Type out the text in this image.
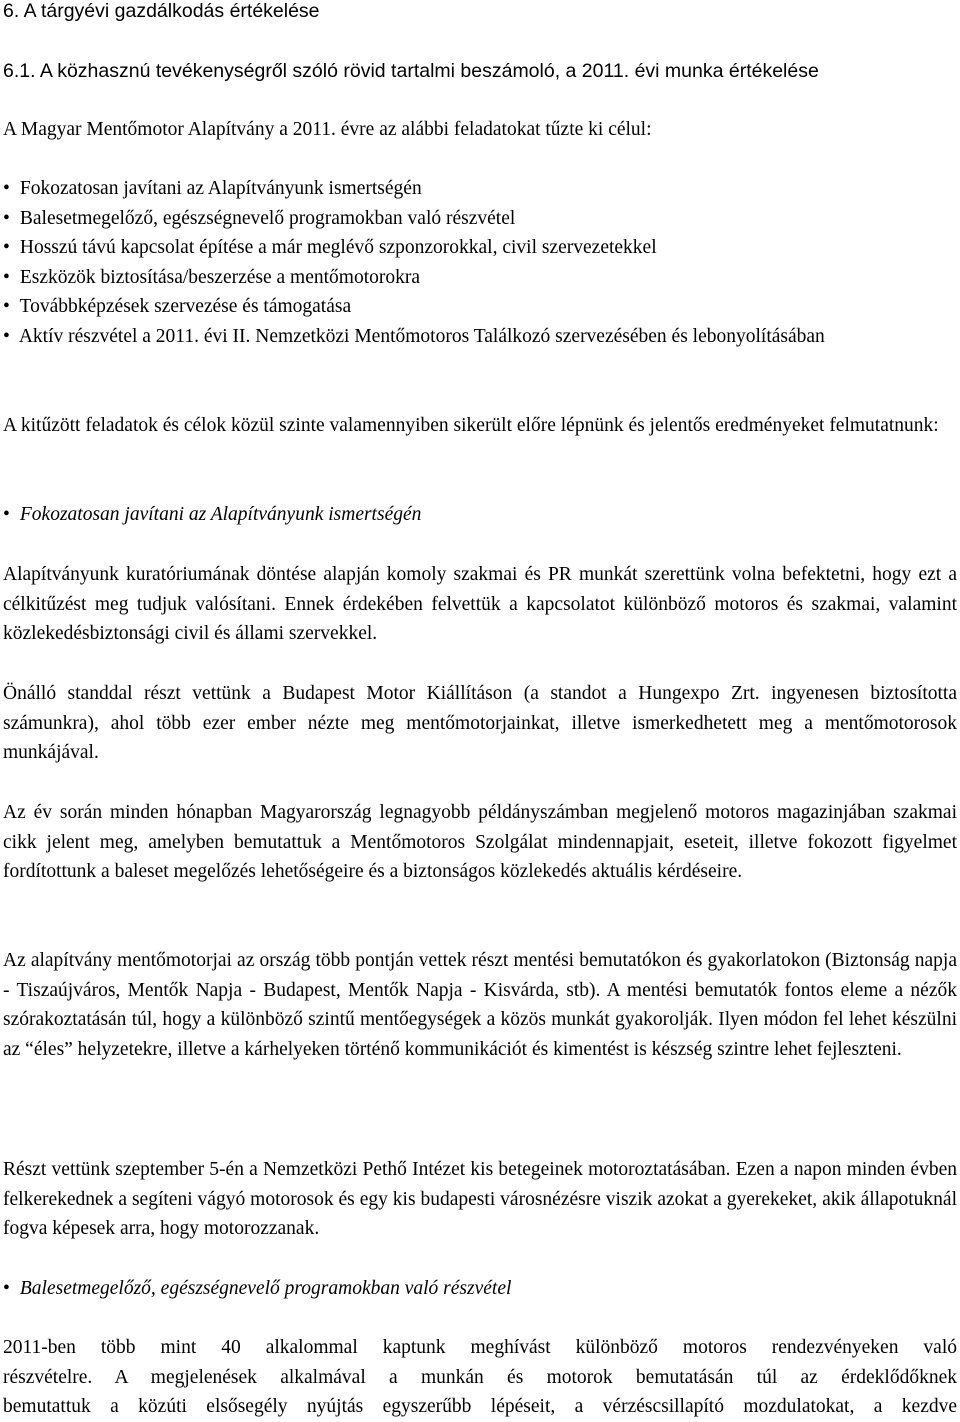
6. A tárgyévi gazdálkodás értékelése
6.1. A közhasznú tevékenységről szóló rövid tartalmi beszámoló, a 2011. évi munka értékelése
A Magyar Mentőmotor Alapítvány a 2011. évre az alábbi feladatokat tűzte ki célul:
• Fokozatosan javítani az Alapítványunk ismertségén
• Balesetmegelőző, egészségnevelő programokban való részvétel
• Hosszú távú kapcsolat építése a már meglévő szponzorokkal, civil szervezetekkel
• Eszközök biztosítása/beszerzése a mentőmotorokra
• Továbbképzések szervezése és támogatása
• Aktív részvétel a 2011. évi II. Nemzetközi Mentőmotoros Találkozó szervezésében és lebonyolításában
A kitűzött feladatok és célok közül szinte valamennyiben sikerült előre lépnünk és jelentős eredményeket felmutatnunk:
• Fokozatosan javítani az Alapítványunk ismertségén
Alapítványunk kuratóriumának döntése alapján komoly szakmai és PR munkát szerettünk volna befektetni, hogy ezt a célkitűzést meg tudjuk valósítani. Ennek érdekében felvettük a kapcsolatot különböző motoros és szakmai, valamint közlekedésbiztonsági civil és állami szervekkel.
Önálló standdal részt vettünk a Budapest Motor Kiállításon (a standot a Hungexpo Zrt. ingyenesen biztosította számunkra), ahol több ezer ember nézte meg mentőmotorjainkat, illetve ismerkedhetett meg a mentőmotorosok munkájával.
Az év során minden hónapban Magyarország legnagyobb példányszámban megjelenő motoros magazinjában szakmai cikk jelent meg, amelyben bemutattuk a Mentőmotoros Szolgálat mindennapjait, eseteit, illetve fokozott figyelmet fordítottunk a baleset megelőzés lehetőségeire és a biztonságos közlekedés aktuális kérdéseire.
Az alapítvány mentőmotorjai az ország több pontján vettek részt mentési bemutatókon és gyakorlatokon (Biztonság napja - Tiszaújváros, Mentők Napja - Budapest, Mentők Napja - Kisvárda, stb). A mentési bemutatók fontos eleme a nézők szórakoztatásán túl, hogy a különböző szintű mentőegységek a közös munkát gyakorolják. Ilyen módon fel lehet készülni az “éles” helyzetekre, illetve a kárhelyeken történő kommunikációt és kimentést is készség szintre lehet fejleszteni.
Részt vettünk szeptember 5-én a Nemzetközi Pethő Intézet kis betegeinek motoroztatásában. Ezen a napon minden évben felkerekednek a segíteni vágyó motorosok és egy kis budapesti városnézésre viszik azokat a gyerekeket, akik állapotuknál fogva képesek arra, hogy motorozzanak.
• Balesetmegelőző, egészségnevelő programokban való részvétel
2011-ben több mint 40 alkalommal kaptunk meghívást különböző motoros rendezvényeken való
részvételre. A megjelenések alkalmával a munkán és motorok bemutatásán túl az érdeklődőknek
bemutattuk a közúti elsősegély nyújtás egyszerűbb lépéseit, a vérzéscsillapító mozdulatokat, a kezdve
